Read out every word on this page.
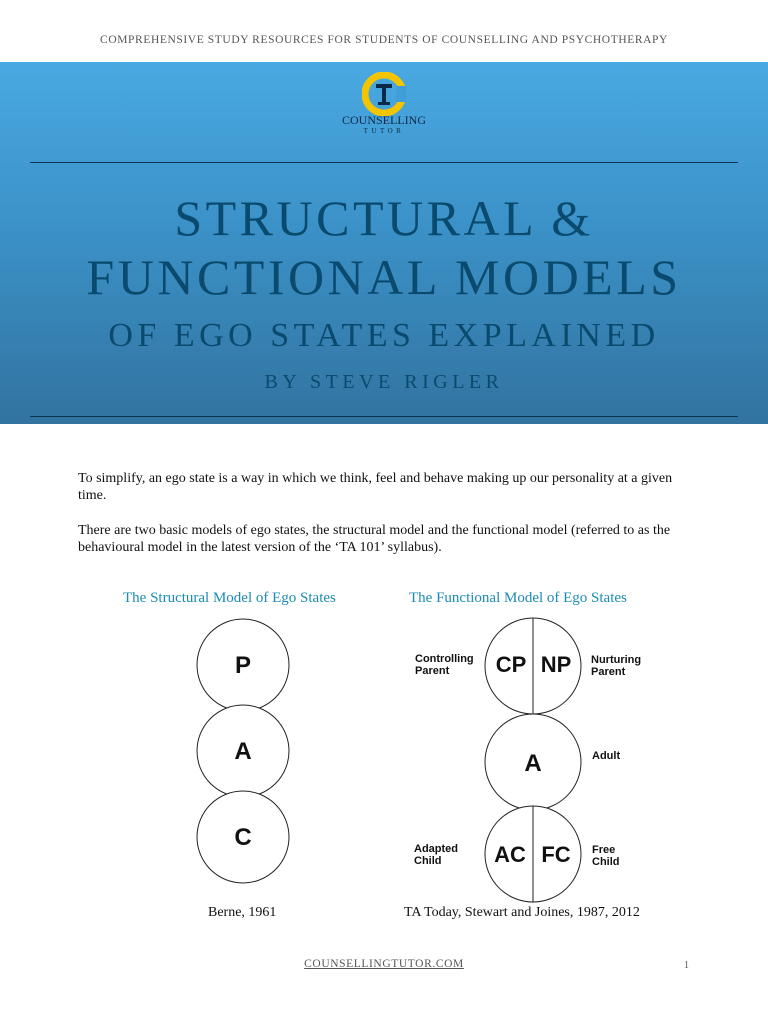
COMPREHENSIVE STUDY RESOURCES FOR STUDENTS OF COUNSELLING AND PSYCHOTHERAPY
COUNSELLING
TUTOR
STRUCTURAL &
FUNCTIONAL MODELS
OF EGO STATES EXPLAINED
BY STEVE RIGLER

To simplify, an ego state is a way in which we think, feel and behave making up our personality at a given time.

There are two basic models of ego states, the structural model and the functional model (referred to as the behavioural model in the latest version of the ‘TA 101’ syllabus).

The Structural Model of Ego States	The Functional Model of Ego States
P
A
C
CP NP
A
AC FC
Controlling
Parent
Nurturing
Parent
Adult
Adapted
Child
Free
Child
Berne, 1961	TA Today, Stewart and Joines, 1987, 2012
COUNSELLINGTUTOR.COM	1
